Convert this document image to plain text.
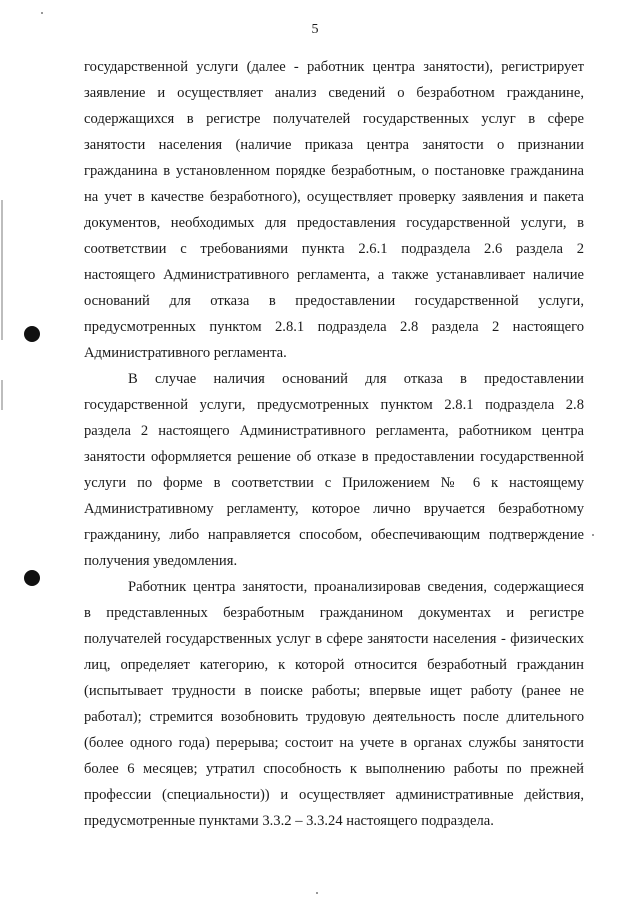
5
государственной услуги (далее - работник центра занятости), регистрирует
заявление и осуществляет анализ сведений о безработном гражданине,
содержащихся в регистре получателей государственных услуг в сфере
занятости населения (наличие приказа центра занятости о признании
гражданина в установленном порядке безработным, о постановке гражданина
на учет в качестве безработного), осуществляет проверку заявления и пакета
документов, необходимых для предоставления государственной услуги, в
соответствии с требованиями пункта 2.6.1 подраздела 2.6 раздела 2
настоящего Административного регламента, а также устанавливает наличие
оснований для отказа в предоставлении государственной услуги,
предусмотренных пунктом 2.8.1 подраздела 2.8 раздела 2 настоящего
Административного регламента.
В случае наличия оснований для отказа в предоставлении
государственной услуги, предусмотренных пунктом 2.8.1 подраздела 2.8
раздела 2 настоящего Административного регламента, работником центра
занятости оформляется решение об отказе в предоставлении государственной
услуги по форме в соответствии с Приложением № 6 к настоящему
Административному регламенту, которое лично вручается безработному
гражданину, либо направляется способом, обеспечивающим подтверждение
получения уведомления.
Работник центра занятости, проанализировав сведения, содержащиеся
в представленных безработным гражданином документах и регистре
получателей государственных услуг в сфере занятости населения - физических
лиц, определяет категорию, к которой относится безработный гражданин
(испытывает трудности в поиске работы; впервые ищет работу (ранее не
работал); стремится возобновить трудовую деятельность после длительного
(более одного года) перерыва; состоит на учете в органах службы занятости
более 6 месяцев; утратил способность к выполнению работы по прежней
профессии (специальности)) и осуществляет административные действия,
предусмотренные пунктами 3.3.2 – 3.3.24 настоящего подраздела.
